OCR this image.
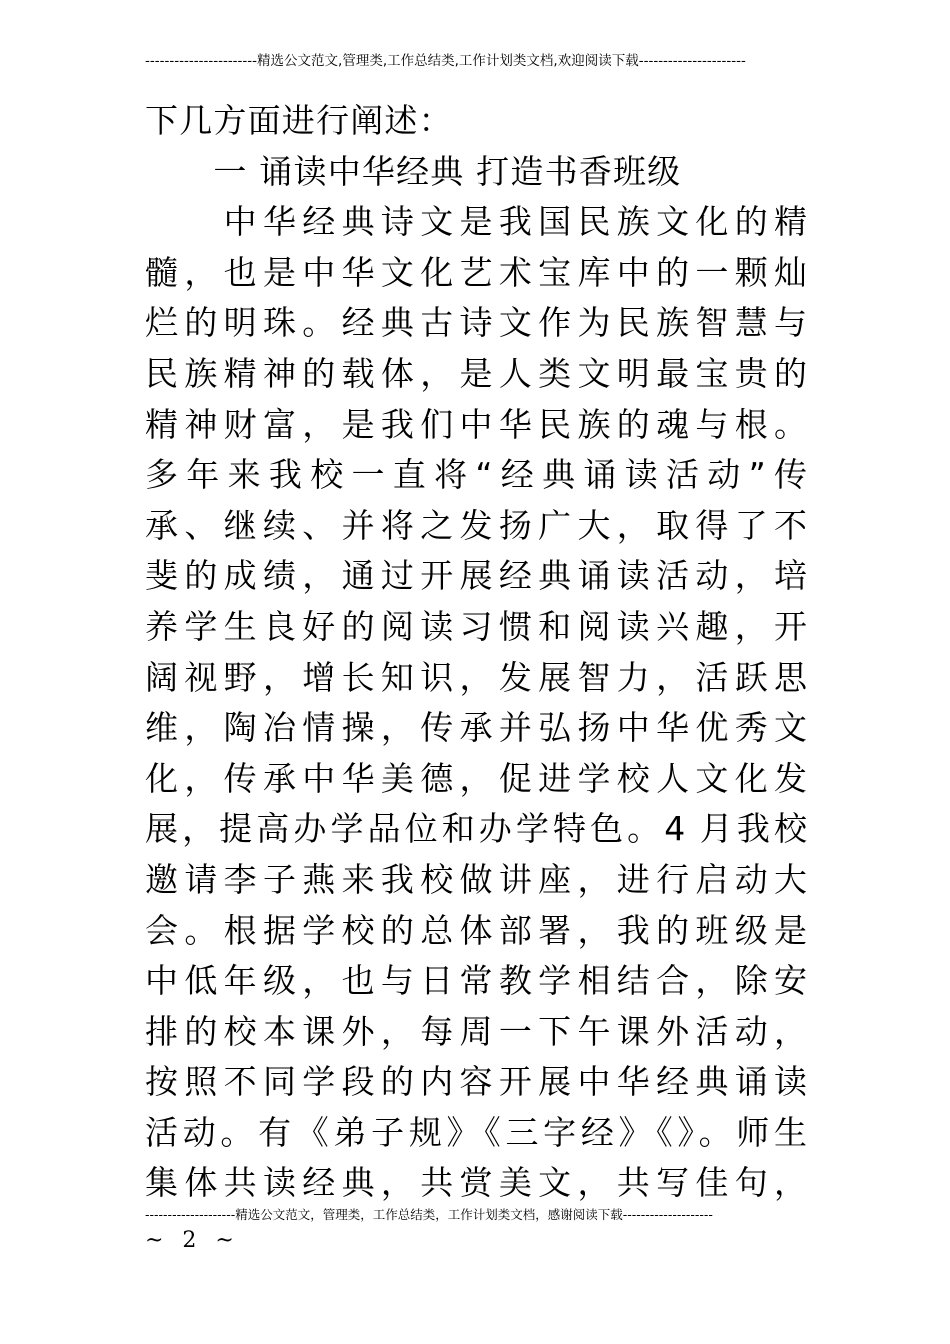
-----------------------精选公文范文,管理类,工作总结类,工作计划类文档,欢迎阅读下载----------------------
下几方面进行阐述：
　　一 诵读中华经典 打造书香班级
　　中华经典诗文是我国民族文化的精
髓，也是中华文化艺术宝库中的一颗灿
烂的明珠。经典古诗文作为民族智慧与
民族精神的载体，是人类文明最宝贵的
精神财富，是我们中华民族的魂与根。
多年来我校一直将“经典诵读活动”传
承、继续、并将之发扬广大，取得了不
斐的成绩，通过开展经典诵读活动，培
养学生良好的阅读习惯和阅读兴趣，开
阔视野，增长知识，发展智力，活跃思
维，陶冶情操，传承并弘扬中华优秀文
化，传承中华美德，促进学校人文化发
展，提高办学品位和办学特色。4 月我校
邀请李子燕来我校做讲座，进行启动大
会。根据学校的总体部署，我的班级是
中低年级，也与日常教学相结合，除安
排的校本课外，每周一下午课外活动，
按照不同学段的内容开展中华经典诵读
活动。有《弟子规》《三字经》《》。师生
集体共读经典，共赏美文，共写佳句，
--------------------精选公文范文，管理类，工作总结类，工作计划类文档，感谢阅读下载--------------------
~ 2 ~
